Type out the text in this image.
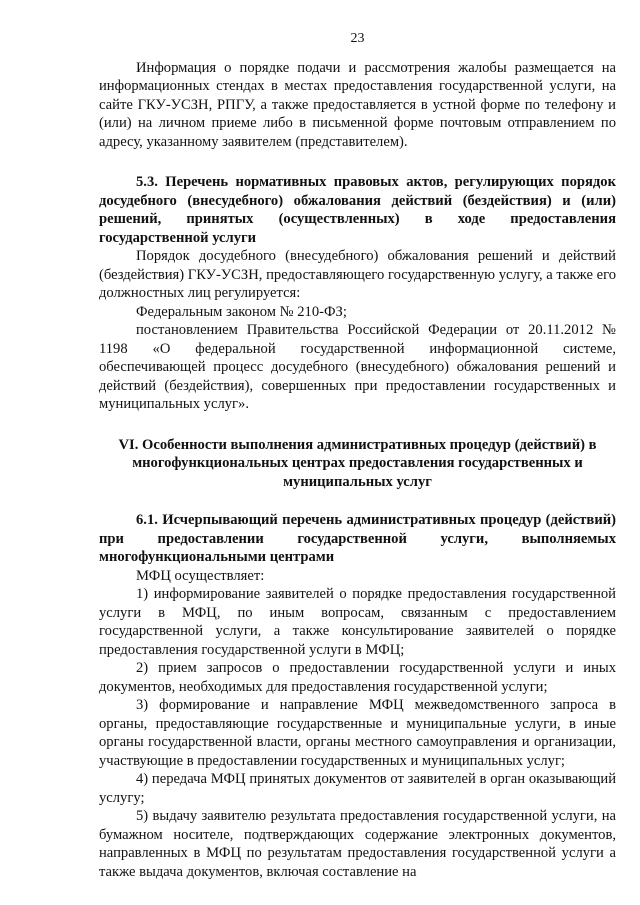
23

Информация о порядке подачи и рассмотрения жалобы размещается на информационных стендах в местах предоставления государственной услуги, на сайте ГКУ-УСЗН, РПГУ, а также предоставляется в устной форме по телефону и (или) на личном приеме либо в письменной форме почтовым отправлением по адресу, указанному заявителем (представителем).

5.3. Перечень нормативных правовых актов, регулирующих порядок досудебного (внесудебного) обжалования действий (бездействия) и (или) решений, принятых (осуществленных) в ходе предоставления государственной услуги

Порядок досудебного (внесудебного) обжалования решений и действий (бездействия) ГКУ-УСЗН, предоставляющего государственную услугу, а также его должностных лиц регулируется:

Федеральным законом № 210-ФЗ;

постановлением Правительства Российской Федерации от 20.11.2012 № 1198 «О федеральной государственной информационной системе, обеспечивающей процесс досудебного (внесудебного) обжалования решений и действий (бездействия), совершенных при предоставлении государственных и муниципальных услуг».

VI. Особенности выполнения административных процедур (действий) в многофункциональных центрах предоставления государственных и муниципальных услуг

6.1. Исчерпывающий перечень административных процедур (действий) при предоставлении государственной услуги, выполняемых многофункциональными центрами

МФЦ осуществляет:

1) информирование заявителей о порядке предоставления государственной услуги в МФЦ, по иным вопросам, связанным с предоставлением государственной услуги, а также консультирование заявителей о порядке предоставления государственной услуги в МФЦ;

2) прием запросов о предоставлении государственной услуги и иных документов, необходимых для предоставления государственной услуги;

3) формирование и направление МФЦ межведомственного запроса в органы, предоставляющие государственные и муниципальные услуги, в иные органы государственной власти, органы местного самоуправления и организации, участвующие в предоставлении государственных и муниципальных услуг;

4) передача МФЦ принятых документов от заявителей в орган оказывающий услугу;

5) выдачу заявителю результата предоставления государственной услуги, на бумажном носителе, подтверждающих содержание электронных документов, направленных в МФЦ по результатам предоставления государственной услуги а также выдача документов, включая составление на
